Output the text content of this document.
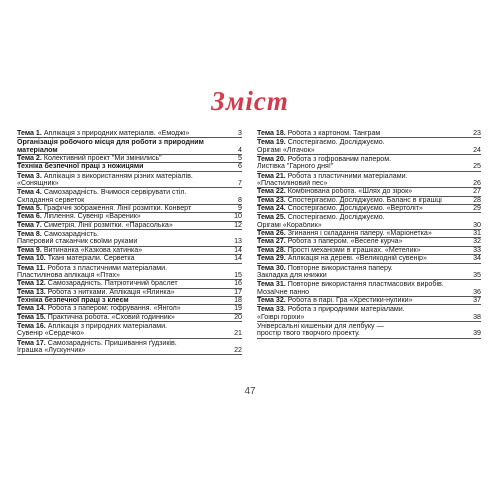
Зміст
Тема 1. Аплікація з природних матеріалів. «Емоджі»	3
Організація робочого місця для роботи з природним
матеріалом	4
Тема 2. Колективний проект "Ми змінились"	5
Техніка безпечної праці з ножицями	6
Тема 3. Аплікація з використанням різних матеріалів.
«Сонящник»	7
Тема 4. Самозарадність. Вчимося сервірувати стіл.
Складання серветок	8
Тема 5. Графічні зображення. Лінії розмітки. Конверт	9
Тема 6. Ліплення. Сувенір «Вареник»	10
Тема 7. Симетрія. Лінії розмітки. «Парасолька»	12
Тема 8. Самозарадність.
Паперовий стаканчик своїми руками	13
Тема 9. Витинанка «Казкова хатинка»	14
Тема 10. Ткані матеріали. Серветка	14
Тема 11. Робота з пластичними матеріалами.
Пластилінова аплікація «Птах»	15
Тема 12. Самозарадність. Патріотичний браслет	16
Тема 13. Робота з нитками. Аплікація «Ялинка»	17
Техніка безпечної праці з клеєм	18
Тема 14. Робота з папером: гофрування. «Янгол»	19
Тема 15. Практична робота. «Сховий годинник»	20
Тема 16. Аплікація з природних матеріалами.
Сувенір «Сердечко»	21
Тема 17. Самозарадність. Пришивання ґудзиків.
Іграшка «Лускунчик»	22
Тема 18. Робота з картоном. Танграм	23
Тема 19. Спостерігаємо. Досліджуємо.
Орігамі «Літачок»	24
Тема 20. Робота з гофрованим папером.
Листівка "Гарного дня!"	25
Тема 21. Робота з пластичними матеріалами.
«Пластиліновий пес»	26
Тема 22. Комбінована робота. «Шлях до зірок»	27
Тема 23. Спостерігаємо. Досліджуємо. Баланс в іграшці	28
Тема 24. Спостерігаємо. Досліджуємо. «Вертоліт»	29
Тема 25. Спостерігаємо. Досліджуємо.
Орігамі «Кораблик»	30
Тема 26. Згинання і складання паперу. «Маріонетка»	31
Тема 27. Робота з папером. «Веселе курча»	32
Тема 28. Прості механізми в іграшках. «Метелик»	33
Тема 29. Аплікація на дереві. «Великодній сувенір»	34
Тема 30. Повторне використання паперу.
Закладка для книжки	35
Тема 31. Повторне використання пластмасових виробів.
Мозаїчне панно	36
Тема 32. Робота в парі. Гра «Хрестики-нулики»	37
Тема 33. Робота з природними матеріалами.
«Гоіврі горіхи»	38
Універсальні кишеньки для лепбуку —
простір твого творчого проекту.	39
47
